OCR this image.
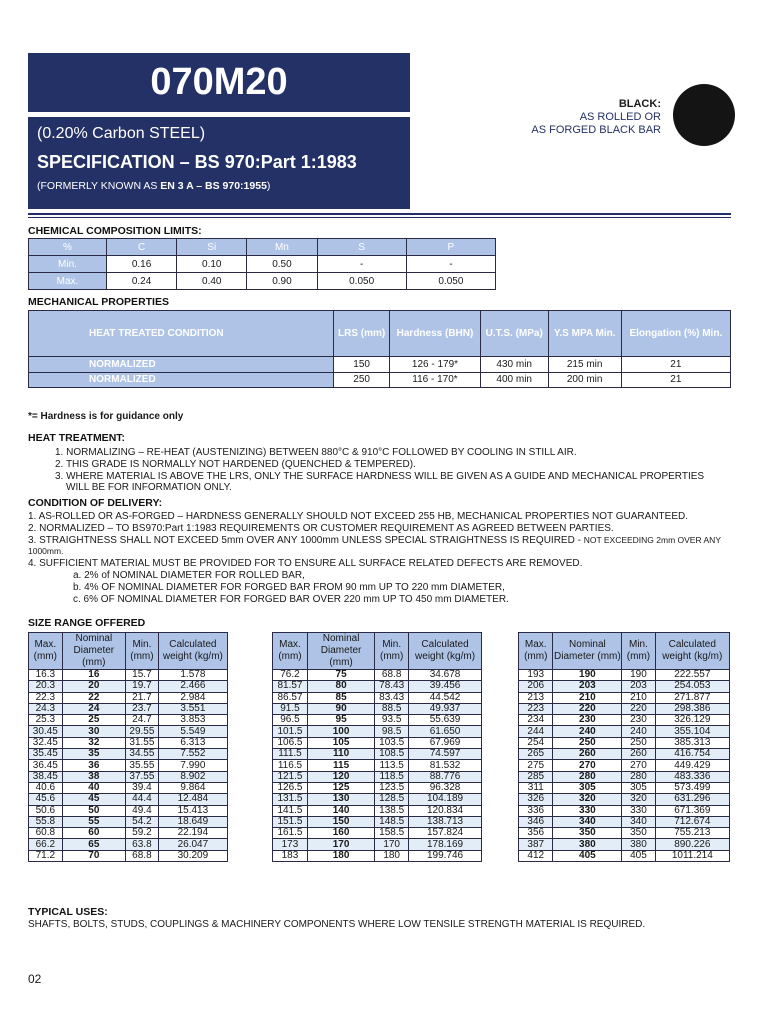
070M20
(0.20% Carbon STEEL)
SPECIFICATION – BS 970:Part 1:1983
(FORMERLY KNOWN AS EN 3 A – BS 970:1955)
BLACK:
AS ROLLED OR
AS FORGED BLACK BAR
CHEMICAL COMPOSITION LIMITS:
%	C	Si	Mn	S	P
Min.	0.16	0.10	0.50	-	-
Max.	0.24	0.40	0.90	0.050	0.050
MECHANICAL PROPERTIES
HEAT TREATED CONDITION	LRS (mm)	Hardness (BHN)	U.T.S. (MPa)	Y.S MPA Min.	Elongation (%) Min.
NORMALIZED	150	126 - 179*	430 min	215 min	21
NORMALIZED	250	116 - 170*	400 min	200 min	21
*= Hardness is for guidance only
HEAT TREATMENT:
1. NORMALIZING – RE-HEAT (AUSTENIZING) BETWEEN 880°C & 910°C FOLLOWED BY COOLING IN STILL AIR.
2. THIS GRADE IS NORMALLY NOT HARDENED (QUENCHED & TEMPERED).
3. WHERE MATERIAL IS ABOVE THE LRS, ONLY THE SURFACE HARDNESS WILL BE GIVEN AS A GUIDE AND MECHANICAL PROPERTIES
WILL BE FOR INFORMATION ONLY.
CONDITION OF DELIVERY:
1. AS-ROLLED OR AS-FORGED – HARDNESS GENERALLY SHOULD NOT EXCEED 255 HB, MECHANICAL PROPERTIES NOT GUARANTEED.
2. NORMALIZED – TO BS970:Part 1:1983 REQUIREMENTS OR CUSTOMER REQUIREMENT AS AGREED BETWEEN PARTIES.
3. STRAIGHTNESS SHALL NOT EXCEED 5mm OVER ANY 1000mm UNLESS SPECIAL STRAIGHTNESS IS REQUIRED - NOT EXCEEDING 2mm OVER ANY 1000mm.
4. SUFFICIENT MATERIAL MUST BE PROVIDED FOR TO ENSURE ALL SURFACE RELATED DEFECTS ARE REMOVED.
a. 2% of NOMINAL DIAMETER FOR ROLLED BAR,
b. 4% OF NOMINAL DIAMETER FOR FORGED BAR FROM 90 mm UP TO 220 mm DIAMETER,
c. 6% OF NOMINAL DIAMETER FOR FORGED BAR OVER 220 mm UP TO 450 mm DIAMETER.
SIZE RANGE OFFERED
Max. (mm)	Nominal Diameter (mm)	Min. (mm)	Calculated weight (kg/m)
16.3	16	15.7	1.578
20.3	20	19.7	2.466
22.3	22	21.7	2.984
24.3	24	23.7	3.551
25.3	25	24.7	3.853
30.45	30	29.55	5.549
32.45	32	31.55	6.313
35.45	35	34.55	7.552
36.45	36	35.55	7.990
38.45	38	37.55	8.902
40.6	40	39.4	9.864
45.6	45	44.4	12.484
50.6	50	49.4	15.413
55.8	55	54.2	18.649
60.8	60	59.2	22.194
66.2	65	63.8	26.047
71.2	70	68.8	30.209
Max. (mm)	Nominal Diameter (mm)	Min. (mm)	Calculated weight (kg/m)
76.2	75	68.8	34.678
81.57	80	78.43	39.456
86.57	85	83.43	44.542
91.5	90	88.5	49.937
96.5	95	93.5	55.639
101.5	100	98.5	61.650
106.5	105	103.5	67.969
111.5	110	108.5	74.597
116.5	115	113.5	81.532
121.5	120	118.5	88.776
126.5	125	123.5	96.328
131.5	130	128.5	104.189
141.5	140	138.5	120.834
151.5	150	148.5	138.713
161.5	160	158.5	157.824
173	170	170	178.169
183	180	180	199.746
Max. (mm)	Nominal Diameter (mm)	Min. (mm)	Calculated weight (kg/m)
193	190	190	222.557
206	203	203	254.053
213	210	210	271.877
223	220	220	298.386
234	230	230	326.129
244	240	240	355.104
254	250	250	385.313
265	260	260	416.754
275	270	270	449.429
285	280	280	483.336
311	305	305	573.499
326	320	320	631.296
336	330	330	671.369
346	340	340	712.674
356	350	350	755.213
387	380	380	890.226
412	405	405	1011.214
TYPICAL USES:
SHAFTS, BOLTS, STUDS, COUPLINGS & MACHINERY COMPONENTS WHERE LOW TENSILE STRENGTH MATERIAL IS REQUIRED.
02
